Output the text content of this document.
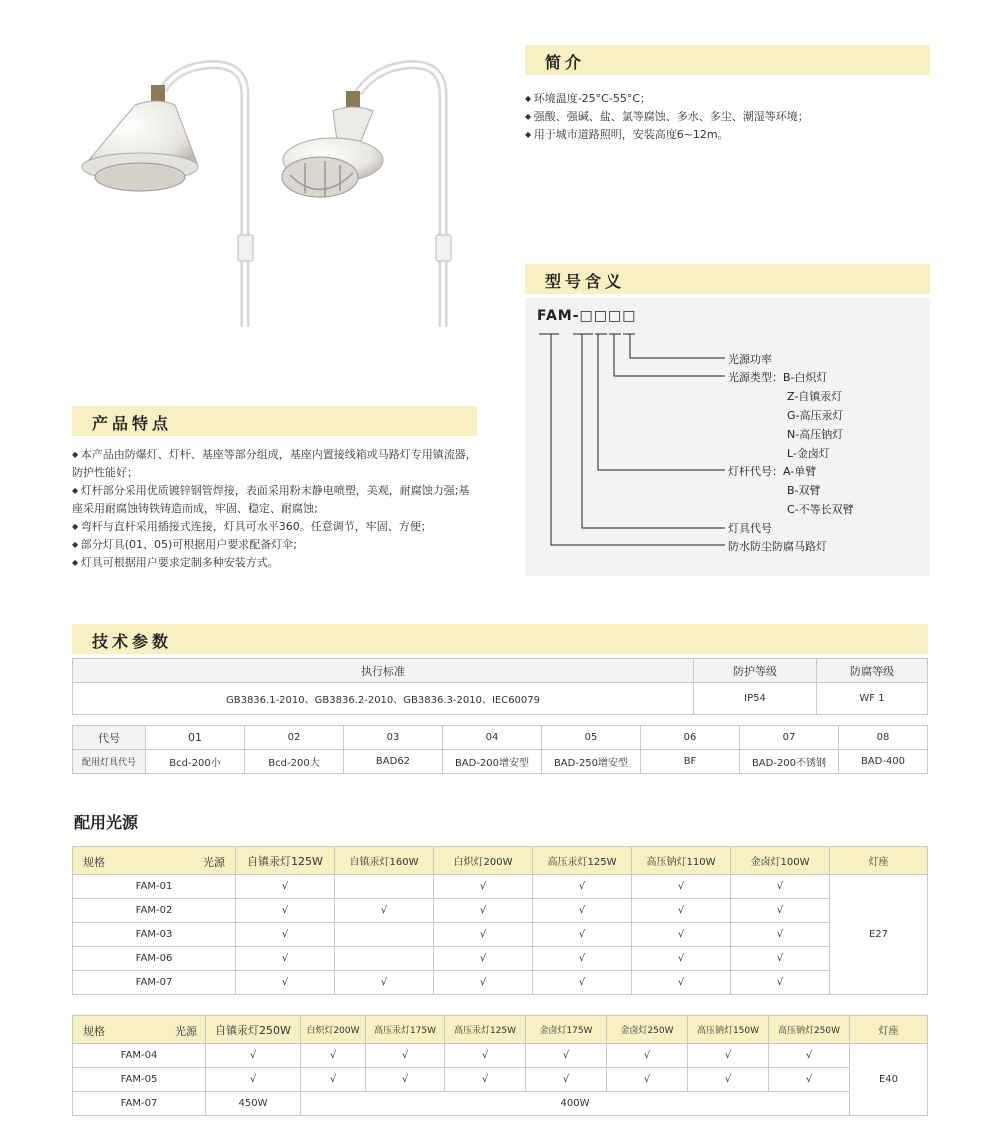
简介
◆ 环境温度-25°C-55°C；
◆ 强酸、强碱、盐、氯等腐蚀、多水、多尘、潮湿等环境；
◆ 用于城市道路照明，安装高度6~12m。
型号含义
FAM-□□□□
光源功率
光源类型：B-白炽灯
Z-自镇汞灯
G-高压汞灯
N-高压钠灯
L-金卤灯
灯杆代号：A-单臂
B-双臂
C-不等长双臂
灯具代号
防水防尘防腐马路灯
产品特点
◆ 本产品由防爆灯、灯杆、基座等部分组成，基座内置接线箱或马路灯专用镇流器，防护性能好；
◆ 灯杆部分采用优质镀锌钢管焊接，表面采用粉末静电喷塑，美观，耐腐蚀力强;基座采用耐腐蚀铸铁铸造而成，牢固、稳定、耐腐蚀;
◆ 弯杆与直杆采用插接式连接，灯具可水平360。任意调节，牢固、方便；
◆ 部分灯具(01、05)可根据用户要求配备灯伞;
◆ 灯具可根据用户要求定制多种安装方式。
技术参数
执行标准	防护等级	防腐等级
GB3836.1-2010、GB3836.2-2010、GB3836.3-2010、IEC60079	IP54	WF 1
代号	01	02	03	04	05	06	07	08
配用灯具代号	Bcd-200小	Bcd-200大	BAD62	BAD-200增安型	BAD-250增安型	BF	BAD-200不锈钢	BAD-400
配用光源
规格 光源	自镇汞灯125W	自镇汞灯160W	白炽灯200W	高压汞灯125W	高压钠灯110W	金卤灯100W	灯座
FAM-01	√		√	√	√	√	E27
FAM-02	√	√	√	√	√	√	
FAM-03	√		√	√	√	√	
FAM-06	√		√	√	√	√	
FAM-07	√	√	√	√	√	√	
规格 光源	自镇汞灯250W	白炽灯200W	高压汞灯175W	高压汞灯125W	金卤灯175W	金卤灯250W	高压钠灯150W	高压钠灯250W	灯座
FAM-04	√	√	√	√	√	√	√	√	E40
FAM-05	√	√	√	√	√	√	√	√	
FAM-07	450W	400W							
